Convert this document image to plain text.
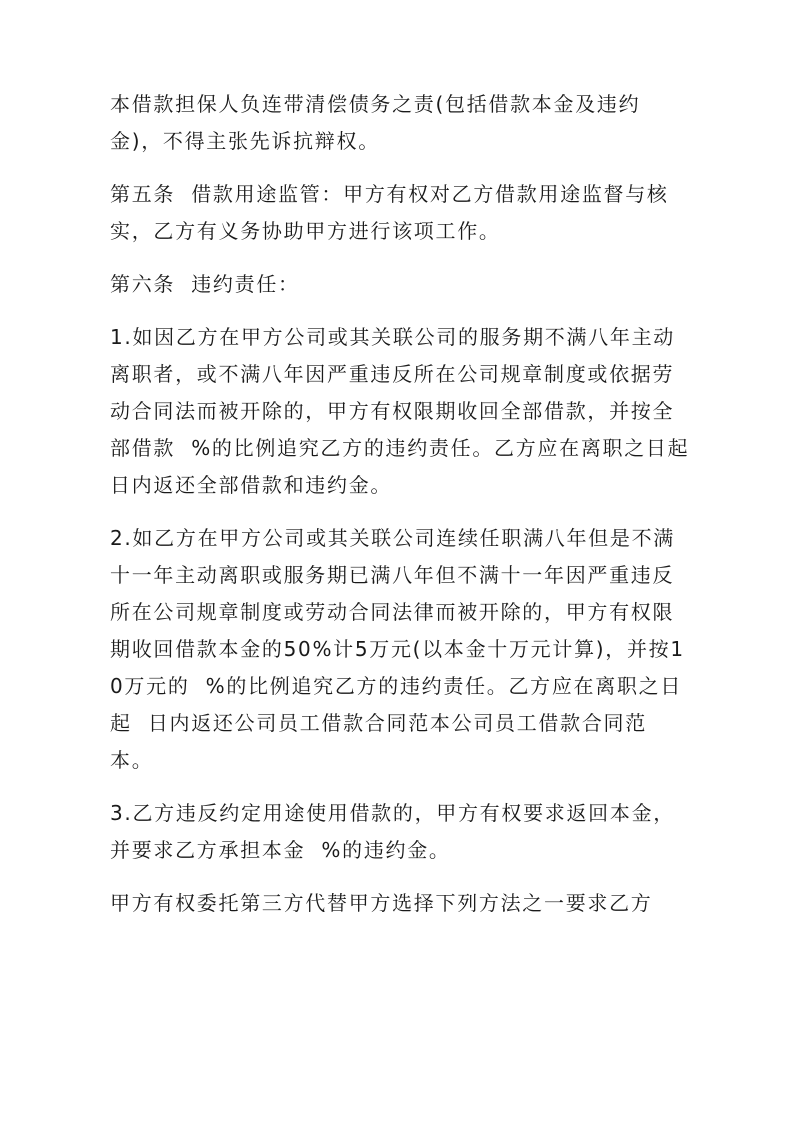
本借款担保人负连带清偿债务之责(包括借款本金及违约金)，不得主张先诉抗辩权。

第五条  借款用途监管：甲方有权对乙方借款用途监督与核实，乙方有义务协助甲方进行该项工作。

第六条  违约责任：

1.如因乙方在甲方公司或其关联公司的服务期不满八年主动离职者，或不满八年因严重违反所在公司规章制度或依据劳动合同法而被开除的，甲方有权限期收回全部借款，并按全部借款  %的比例追究乙方的违约责任。乙方应在离职之日起  日内返还全部借款和违约金。

2.如乙方在甲方公司或其关联公司连续任职满八年但是不满十一年主动离职或服务期已满八年但不满十一年因严重违反所在公司规章制度或劳动合同法律而被开除的，甲方有权限期收回借款本金的50%计5万元(以本金十万元计算)，并按10万元的  %的比例追究乙方的违约责任。乙方应在离职之日起  日内返还公司员工借款合同范本公司员工借款合同范本。

3.乙方违反约定用途使用借款的，甲方有权要求返回本金，并要求乙方承担本金  %的违约金。

甲方有权委托第三方代替甲方选择下列方法之一要求乙方
